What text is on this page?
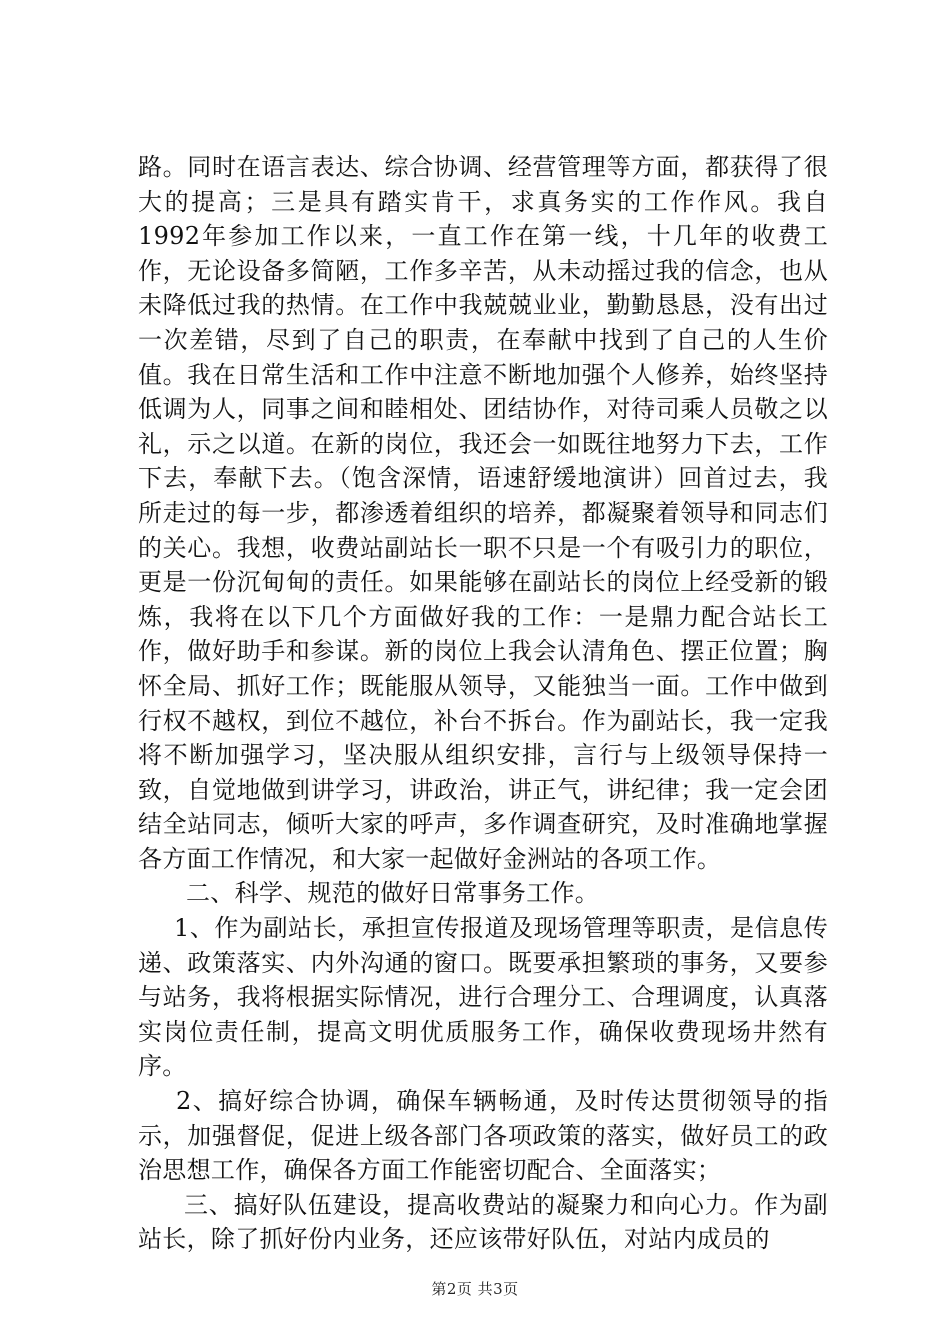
路。同时在语言表达、综合协调、经营管理等方面，都获得了很大的提高；三是具有踏实肯干，求真务实的工作作风。我自1992年参加工作以来，一直工作在第一线，十几年的收费工作，无论设备多简陋，工作多辛苦，从未动摇过我的信念，也从未降低过我的热情。在工作中我兢兢业业，勤勤恳恳，没有出过一次差错，尽到了自己的职责，在奉献中找到了自己的人生价值。我在日常生活和工作中注意不断地加强个人修养，始终坚持低调为人，同事之间和睦相处、团结协作，对待司乘人员敬之以礼，示之以道。在新的岗位，我还会一如既往地努力下去，工作下去，奉献下去。（饱含深情，语速舒缓地演讲）回首过去，我所走过的每一步，都渗透着组织的培养，都凝聚着领导和同志们的关心。我想，收费站副站长一职不只是一个有吸引力的职位，更是一份沉甸甸的责任。如果能够在副站长的岗位上经受新的锻炼，我将在以下几个方面做好我的工作：一是鼎力配合站长工作，做好助手和参谋。新的岗位上我会认清角色、摆正位置；胸怀全局、抓好工作；既能服从领导，又能独当一面。工作中做到行权不越权，到位不越位，补台不拆台。作为副站长，我一定我将不断加强学习，坚决服从组织安排，言行与上级领导保持一致，自觉地做到讲学习，讲政治，讲正气，讲纪律；我一定会团结全站同志，倾听大家的呼声，多作调查研究，及时准确地掌握各方面工作情况，和大家一起做好金洲站的各项工作。

二、科学、规范的做好日常事务工作。

1、作为副站长，承担宣传报道及现场管理等职责，是信息传递、政策落实、内外沟通的窗口。既要承担繁琐的事务，又要参与站务，我将根据实际情况，进行合理分工、合理调度，认真落实岗位责任制，提高文明优质服务工作，确保收费现场井然有序。

2、搞好综合协调，确保车辆畅通，及时传达贯彻领导的指示，加强督促，促进上级各部门各项政策的落实，做好员工的政治思想工作，确保各方面工作能密切配合、全面落实；

三、搞好队伍建设，提高收费站的凝聚力和向心力。作为副站长，除了抓好份内业务，还应该带好队伍，对站内成员的

第2页 共3页
